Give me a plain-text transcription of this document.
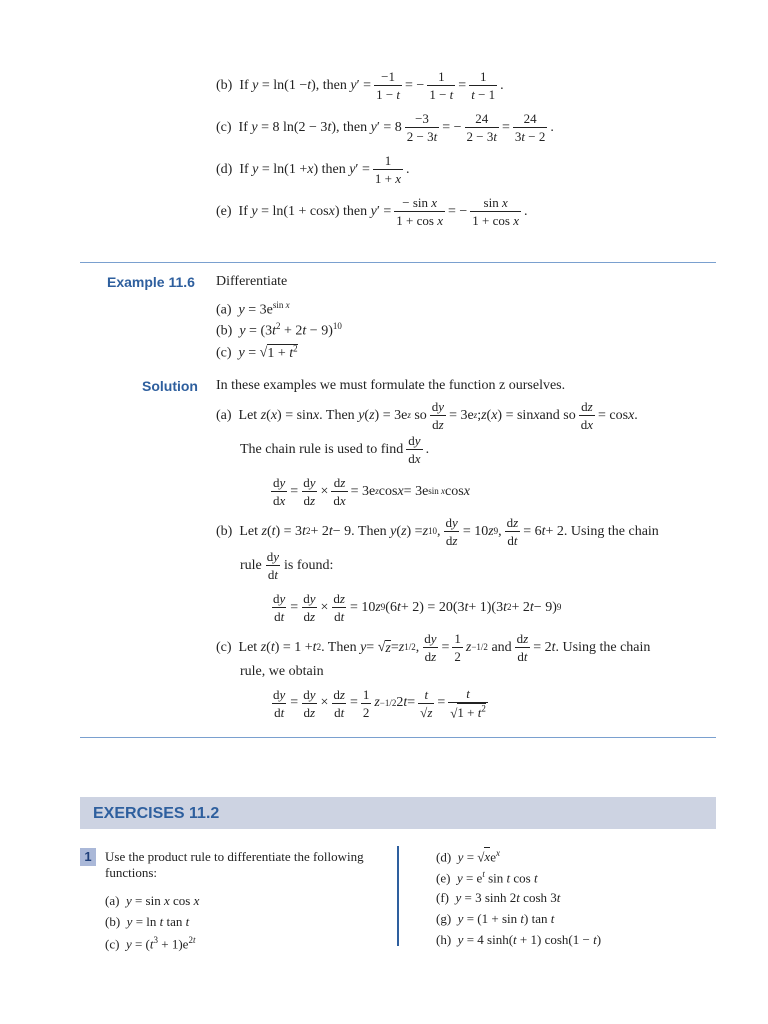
(b) If y = ln(1 − t ), then y ′ = $\frac{-1}{1 - t}$ = − $\frac{1}{1 - t} = \frac{1}{t - 1}$ .
(c) If y = 8 ln(2 − 3 t ), then y ′ = $8 \frac{-3}{2 - 3t}$ = − $\frac{24}{2 - 3t} = \frac{24}{3t - 2}$ .
(d) If y = ln(1 + x ) then y ′ = $\frac{1}{1 + x}$ .
(e) If y = ln(1 + cos x ) then y ′ = $\frac{\text{− sin x}}{\text{1 + cos x}}$ = − $\frac{\text{sin x}}{\text{1 + cos x}}$ .
Example 11.6 Differentiate
(a) $y = 3e^{sin x}$
(b) $y = (3t^2 + 2t - 9)^{10}$
(c) $y = √1 + t^2$
Solution In these examples we must formulate the function z ourselves.
(a)  Let z ( x ) = sin x . Then y ( z ) = 3e z so $\frac{dy}{dz} = 3e$ z ; z ( x ) = sin x and so $\frac{dz}{dx} = \cos x$ .
The chain rule is used to find $\frac{dy}{dx}$ .
$\frac{dy}{dx} = \frac{dy}{dz} \times \frac{dz}{dx} = 3e$ z cos x = 3e sin x cos x
(b)  Let z ( t ) = 3 t 2 + 2 t − 9. Then y ( z ) = z 10 , $\frac{dy}{dz} = 10$ z 9 , $\frac{dz}{dt} = 6$ t + 2. Using the chain
rule $\frac{dy}{dt}$ is found:
$\frac{dy}{dt} = \frac{dy}{dz} \times \frac{dz}{dt} = 10$ z 9 (6 t + 2) = 20(3 t + 1)(3 t 2 + 2 t − 9) 9
(c)  Let z ( t ) = 1 + t 2 . Then y = √ z = z 1/2 , $\frac{dy}{dz} = \frac{1}{2}$ z −1/2 and $\frac{dz}{dt} = 2$ t . Using the chain
rule, we obtain
$\frac{dy}{dt} = \frac{dy}{dz} \times \frac{dz}{dt} = \frac{1}{2}$ z −1/2 2 $t = \frac{t}{√z} = \frac{t}{√1 + t^2}$
EXERCISES 11.2
1	Use the product rule to differentiate the following functions:
(a) y = sin x cos x
(b) y = ln t tan t
(c) $y = (t^3 + 1)e^{2t}$
(d) $y = √xe^x$
(e) $y = e^t$ sin t cos t
(f) y = 3 sinh 2t cosh 3t
(g) y = (1 + sin t) tan t
(h) y = 4 sinh(t + 1) cosh(1 − t)
